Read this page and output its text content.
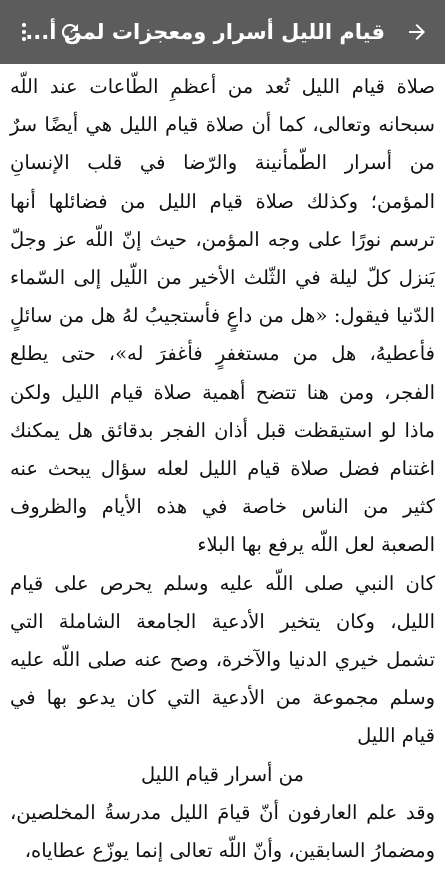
قيام الليل أسرار ومعجزات لمن أ...

صلاة قيام الليل تُعد من أعظمِ الطّاعات عند اللّه سبحانه وتعالى، كما أن صلاة قيام الليل هي أيضًا سرٌ من أسرار الطّمأنينة والرّضا في قلب الإنسانِ المؤمن؛ وكذلك صلاة قيام الليل من فضائلها أنها ترسم نورًا على وجه المؤمن، حيث إنّ اللّه عز وجلّ يَنزل كلّ ليلة في الثّلث الأخير من اللّيل إلى السّماء الدّنيا فيقول: «هل من داعٍ فأستجيبُ لهُ هل من سائلٍ فأعطيهُ، هل من مستغفرٍ فأغفرَ له»، حتى يطلع الفجر، ومن هنا تتضح أهمية صلاة قيام الليل ولكن ماذا لو استيقظت قبل أذان الفجر بدقائق هل يمكنك اغتنام فضل صلاة قيام الليل لعله سؤال يبحث عنه كثير من الناس خاصة في هذه الأيام والظروف الصعبة لعل اللّه يرفع بها البلاء

كان النبي صلى اللّه عليه وسلم يحرص على قيام الليل، وكان يتخير الأدعية الجامعة الشاملة التي تشمل خيري الدنيا والآخرة، وصح عنه صلى اللّه عليه وسلم مجموعة من الأدعية التي كان يدعو بها في قيام الليل

من أسرار قيام الليل

وقد علم العارفون أنّ قيامَ الليل مدرسةُ المخلصين، ومضمارُ السابقين، وأنّ اللّه تعالى إنما يوزّع عطاياه،
